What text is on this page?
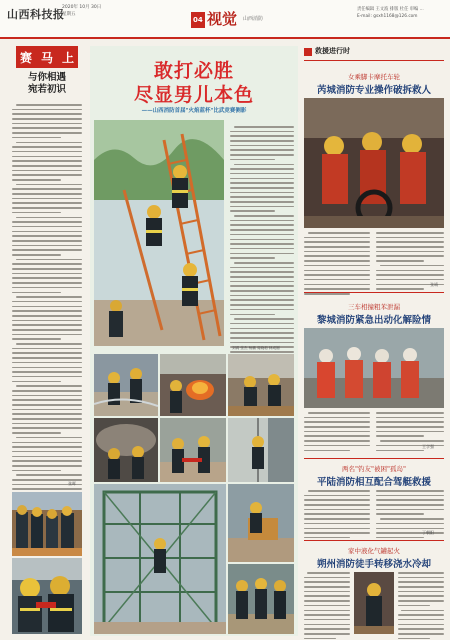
山西科技报
2020年 10月 30日
星期五
04 视觉 山西消防
责任编辑 王文波 排版 杜任 审编 ...
E-mail: gsxh1168@126.com
赛 马 上
与你相遇
宛若初识
张晖
敢打必胜
尽显男儿本色
——山西消防首届"火焰蓝杯"比武竞赛侧影
刘鸿 张杰 杨鹏 周晓莉 林成刚
救援进行时
女乘脚卡摩托车轮
芮城消防专业操作破拆救人
张靖
三车相撞粗苯泄漏
黎城消防紧急出动化解险情
王学强
两名"钓友"被困"孤岛"
平陆消防相互配合驾艇救援
丁朝阳
家中液化气罐起火
朔州消防徒手转移浇水冷却
